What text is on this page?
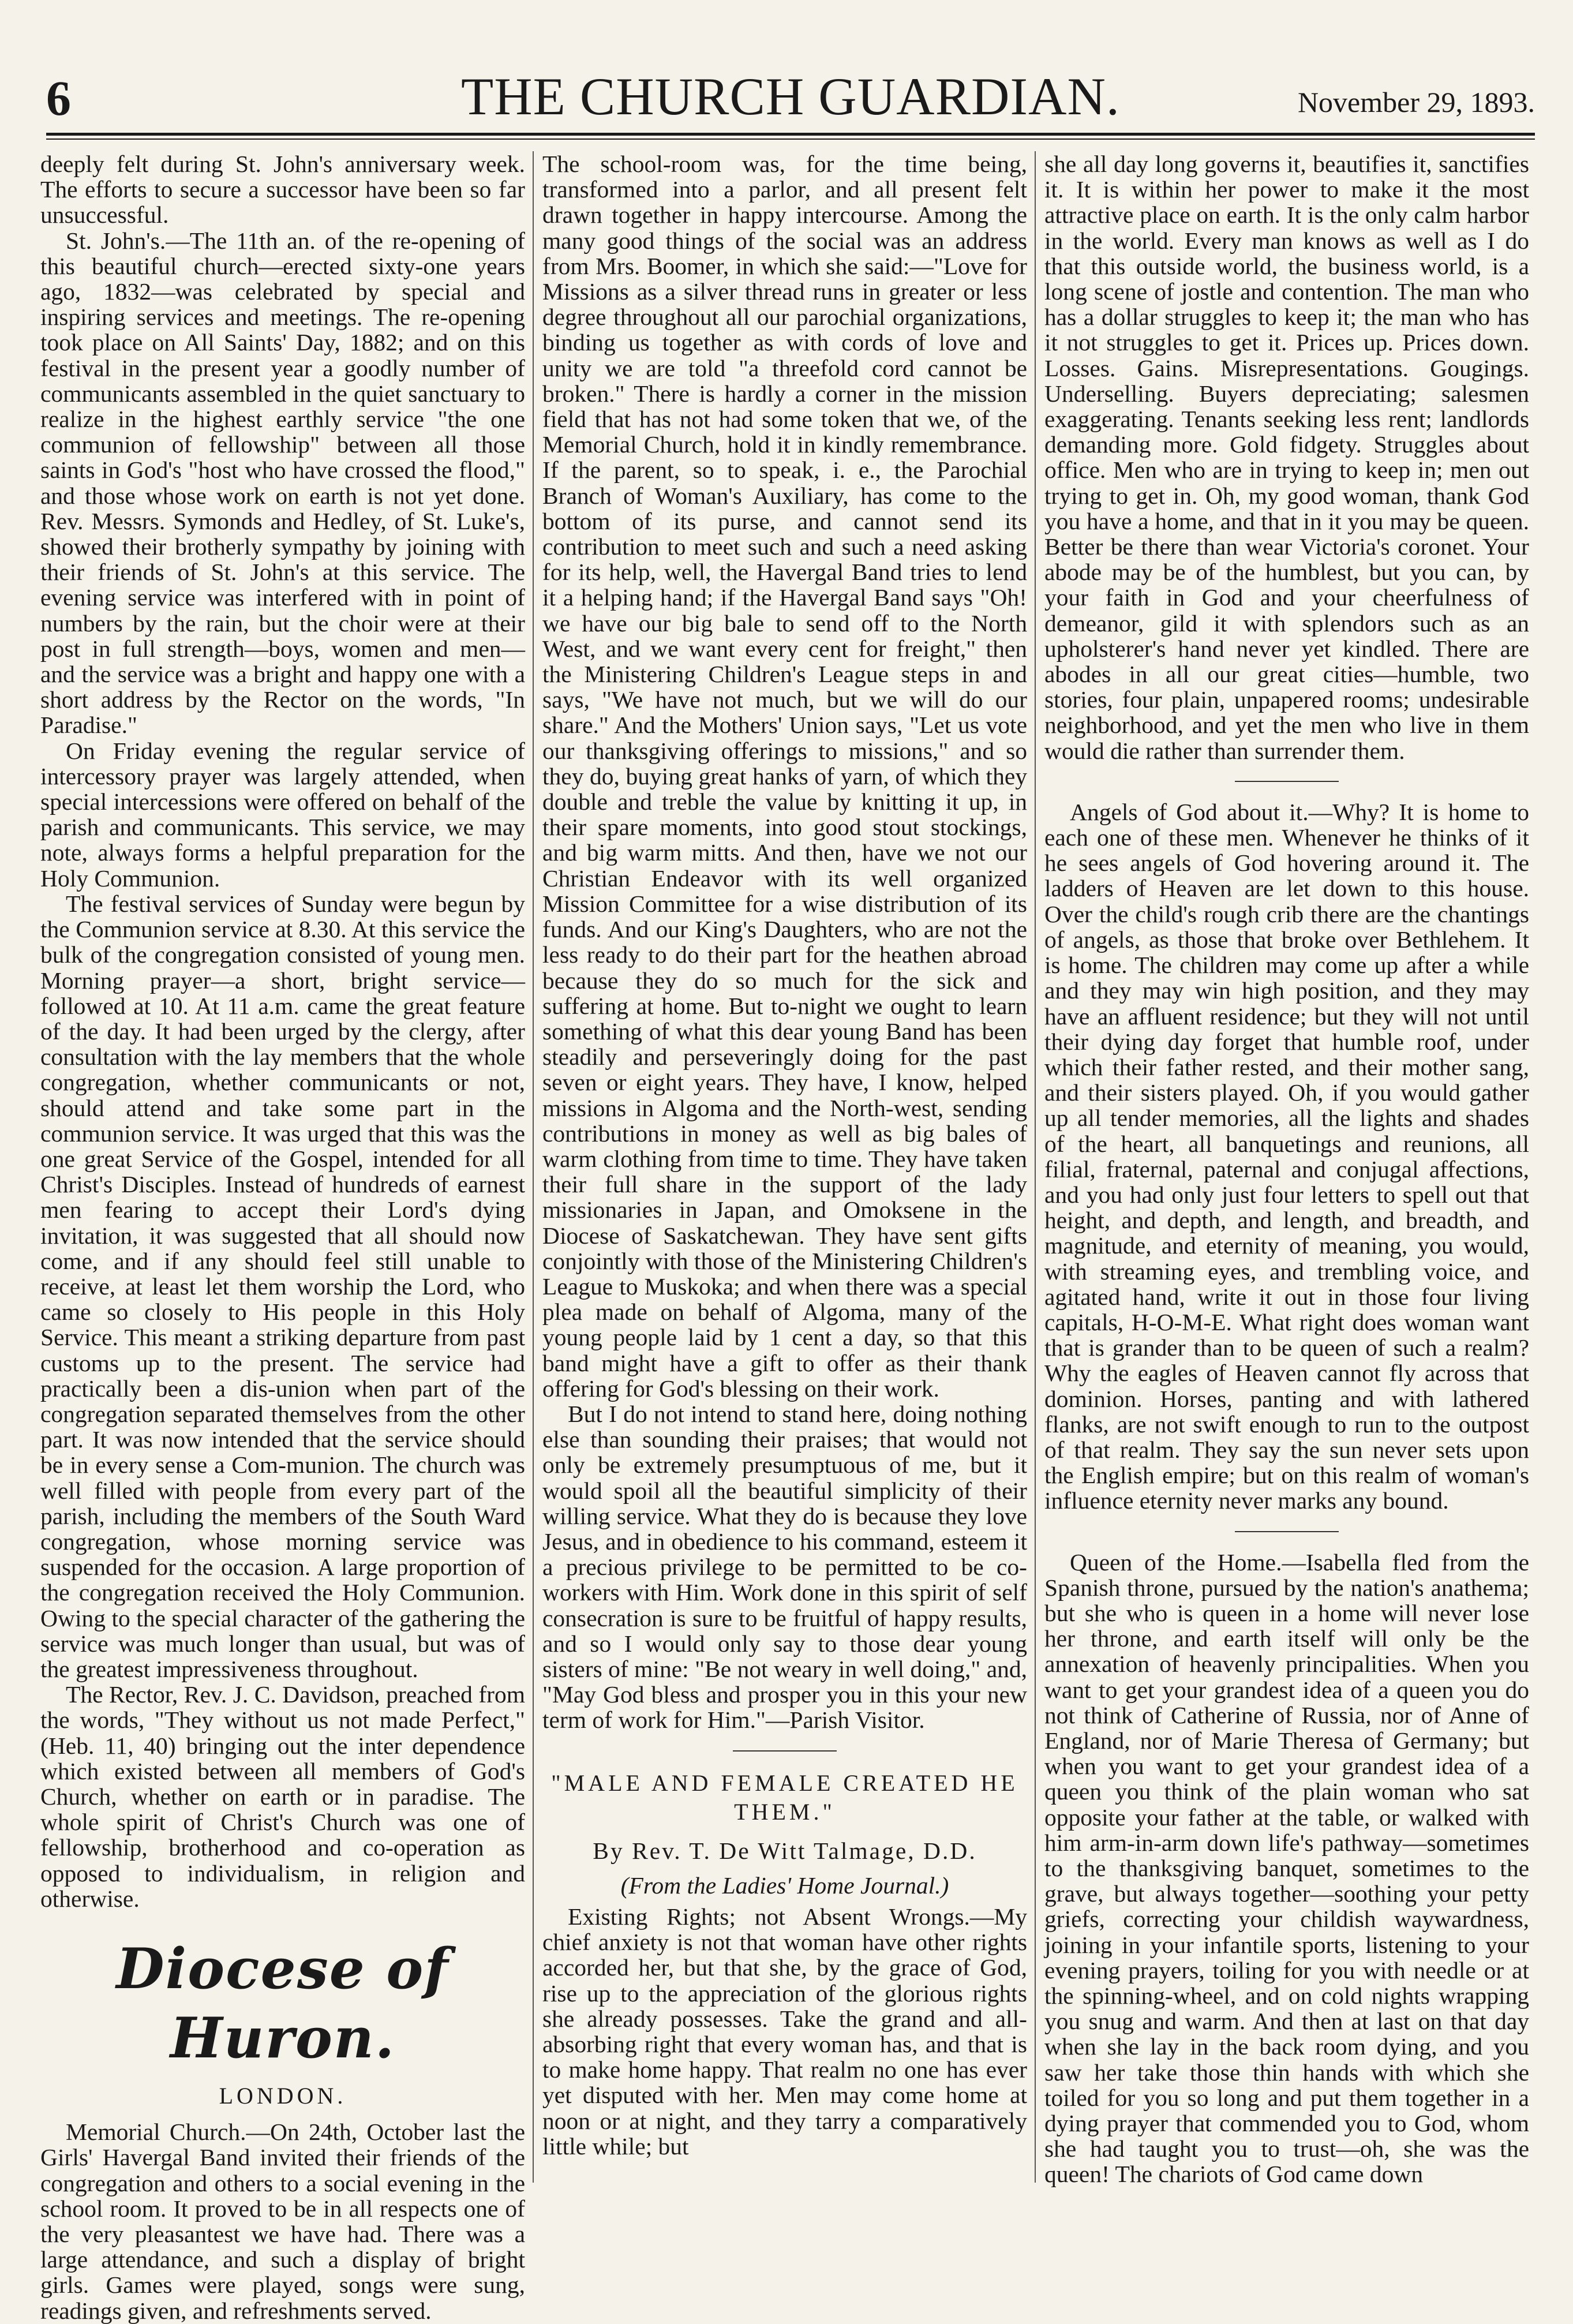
6	THE CHURCH GUARDIAN.	November 29, 1893.

deeply felt during St. John's anniversary week. The efforts to secure a successor have been so far unsuccessful.

St. John's.—The 11th an. of the re-opening of this beautiful church—erected sixty-one years ago, 1832—was celebrated by special and inspiring services and meetings. The re-opening took place on All Saints' Day, 1882; and on this festival in the present year a goodly number of communicants assembled in the quiet sanctuary to realize in the highest earthly service "the one communion of fellowship" between all those saints in God's "host who have crossed the flood," and those whose work on earth is not yet done. Rev. Messrs. Symonds and Hedley, of St. Luke's, showed their brotherly sympathy by joining with their friends of St. John's at this service. The evening service was interfered with in point of numbers by the rain, but the choir were at their post in full strength—boys, women and men—and the service was a bright and happy one with a short address by the Rector on the words, "In Paradise."

On Friday evening the regular service of intercessory prayer was largely attended, when special intercessions were offered on behalf of the parish and communicants. This service, we may note, always forms a helpful preparation for the Holy Communion.

The festival services of Sunday were begun by the Communion service at 8.30. At this service the bulk of the congregation consisted of young men. Morning prayer—a short, bright service—followed at 10. At 11 a.m. came the great feature of the day. It had been urged by the clergy, after consultation with the lay members that the whole congregation, whether communicants or not, should attend and take some part in the communion service. It was urged that this was the one great Service of the Gospel, intended for all Christ's Disciples. Instead of hundreds of earnest men fearing to accept their Lord's dying invitation, it was suggested that all should now come, and if any should feel still unable to receive, at least let them worship the Lord, who came so closely to His people in this Holy Service. This meant a striking departure from past customs up to the present. The service had practically been a dis-union when part of the congregation separated themselves from the other part. It was now intended that the service should be in every sense a Com-munion. The church was well filled with people from every part of the parish, including the members of the South Ward congregation, whose morning service was suspended for the occasion. A large proportion of the congregation received the Holy Communion. Owing to the special character of the gathering the service was much longer than usual, but was of the greatest impressiveness throughout.

The Rector, Rev. J. C. Davidson, preached from the words, "They without us not made Perfect," (Heb. 11, 40) bringing out the inter dependence which existed between all members of God's Church, whether on earth or in paradise. The whole spirit of Christ's Church was one of fellowship, brotherhood and co-operation as opposed to individualism, in religion and otherwise.

Diocese of Huron.
LONDON.

Memorial Church.—On 24th, October last the Girls' Havergal Band invited their friends of the congregation and others to a social evening in the school room. It proved to be in all respects one of the very pleasantest we have had. There was a large attendance, and such a display of bright girls. Games were played, songs were sung, readings given, and refreshments served.

The school-room was, for the time being, transformed into a parlor, and all present felt drawn together in happy intercourse. Among the many good things of the social was an address from Mrs. Boomer, in which she said:—"Love for Missions as a silver thread runs in greater or less degree throughout all our parochial organizations, binding us together as with cords of love and unity we are told "a threefold cord cannot be broken." There is hardly a corner in the mission field that has not had some token that we, of the Memorial Church, hold it in kindly remembrance. If the parent, so to speak, i. e., the Parochial Branch of Woman's Auxiliary, has come to the bottom of its purse, and cannot send its contribution to meet such and such a need asking for its help, well, the Havergal Band tries to lend it a helping hand; if the Havergal Band says "Oh! we have our big bale to send off to the North West, and we want every cent for freight," then the Ministering Children's League steps in and says, "We have not much, but we will do our share." And the Mothers' Union says, "Let us vote our thanksgiving offerings to missions," and so they do, buying great hanks of yarn, of which they double and treble the value by knitting it up, in their spare moments, into good stout stockings, and big warm mitts. And then, have we not our Christian Endeavor with its well organized Mission Committee for a wise distribution of its funds. And our King's Daughters, who are not the less ready to do their part for the heathen abroad because they do so much for the sick and suffering at home. But to-night we ought to learn something of what this dear young Band has been steadily and perseveringly doing for the past seven or eight years. They have, I know, helped missions in Algoma and the North-west, sending contributions in money as well as big bales of warm clothing from time to time. They have taken their full share in the support of the lady missionaries in Japan, and Omoksene in the Diocese of Saskatchewan. They have sent gifts conjointly with those of the Ministering Children's League to Muskoka; and when there was a special plea made on behalf of Algoma, many of the young people laid by 1 cent a day, so that this band might have a gift to offer as their thank offering for God's blessing on their work.

But I do not intend to stand here, doing nothing else than sounding their praises; that would not only be extremely presumptuous of me, but it would spoil all the beautiful simplicity of their willing service. What they do is because they love Jesus, and in obedience to his command, esteem it a precious privilege to be permitted to be co-workers with Him. Work done in this spirit of self consecration is sure to be fruitful of happy results, and so I would only say to those dear young sisters of mine: "Be not weary in well doing," and, "May God bless and prosper you in this your new term of work for Him."—Parish Visitor.

"MALE AND FEMALE CREATED HE THEM."
By Rev. T. De Witt Talmage, D.D.
(From the Ladies' Home Journal.)

Existing Rights; not Absent Wrongs.—My chief anxiety is not that woman have other rights accorded her, but that she, by the grace of God, rise up to the appreciation of the glorious rights she already possesses. Take the grand and all-absorbing right that every woman has, and that is to make home happy. That realm no one has ever yet disputed with her. Men may come home at noon or at night, and they tarry a comparatively little while; but

she all day long governs it, beautifies it, sanctifies it. It is within her power to make it the most attractive place on earth. It is the only calm harbor in the world. Every man knows as well as I do that this outside world, the business world, is a long scene of jostle and contention. The man who has a dollar struggles to keep it; the man who has it not struggles to get it. Prices up. Prices down. Losses. Gains. Misrepresentations. Gougings. Underselling. Buyers depreciating; salesmen exaggerating. Tenants seeking less rent; landlords demanding more. Gold fidgety. Struggles about office. Men who are in trying to keep in; men out trying to get in. Oh, my good woman, thank God you have a home, and that in it you may be queen. Better be there than wear Victoria's coronet. Your abode may be of the humblest, but you can, by your faith in God and your cheerfulness of demeanor, gild it with splendors such as an upholsterer's hand never yet kindled. There are abodes in all our great cities—humble, two stories, four plain, unpapered rooms; undesirable neighborhood, and yet the men who live in them would die rather than surrender them.

Angels of God about it.—Why? It is home to each one of these men. Whenever he thinks of it he sees angels of God hovering around it. The ladders of Heaven are let down to this house. Over the child's rough crib there are the chantings of angels, as those that broke over Bethlehem. It is home. The children may come up after a while and they may win high position, and they may have an affluent residence; but they will not until their dying day forget that humble roof, under which their father rested, and their mother sang, and their sisters played. Oh, if you would gather up all tender memories, all the lights and shades of the heart, all banquetings and reunions, all filial, fraternal, paternal and conjugal affections, and you had only just four letters to spell out that height, and depth, and length, and breadth, and magnitude, and eternity of meaning, you would, with streaming eyes, and trembling voice, and agitated hand, write it out in those four living capitals, H-O-M-E. What right does woman want that is grander than to be queen of such a realm? Why the eagles of Heaven cannot fly across that dominion. Horses, panting and with lathered flanks, are not swift enough to run to the outpost of that realm. They say the sun never sets upon the English empire; but on this realm of woman's influence eternity never marks any bound.

Queen of the Home.—Isabella fled from the Spanish throne, pursued by the nation's anathema; but she who is queen in a home will never lose her throne, and earth itself will only be the annexation of heavenly principalities. When you want to get your grandest idea of a queen you do not think of Catherine of Russia, nor of Anne of England, nor of Marie Theresa of Germany; but when you want to get your grandest idea of a queen you think of the plain woman who sat opposite your father at the table, or walked with him arm-in-arm down life's pathway—sometimes to the thanksgiving banquet, sometimes to the grave, but always together—soothing your petty griefs, correcting your childish waywardness, joining in your infantile sports, listening to your evening prayers, toiling for you with needle or at the spinning-wheel, and on cold nights wrapping you snug and warm. And then at last on that day when she lay in the back room dying, and you saw her take those thin hands with which she toiled for you so long and put them together in a dying prayer that commended you to God, whom she had taught you to trust—oh, she was the queen! The chariots of God came down
